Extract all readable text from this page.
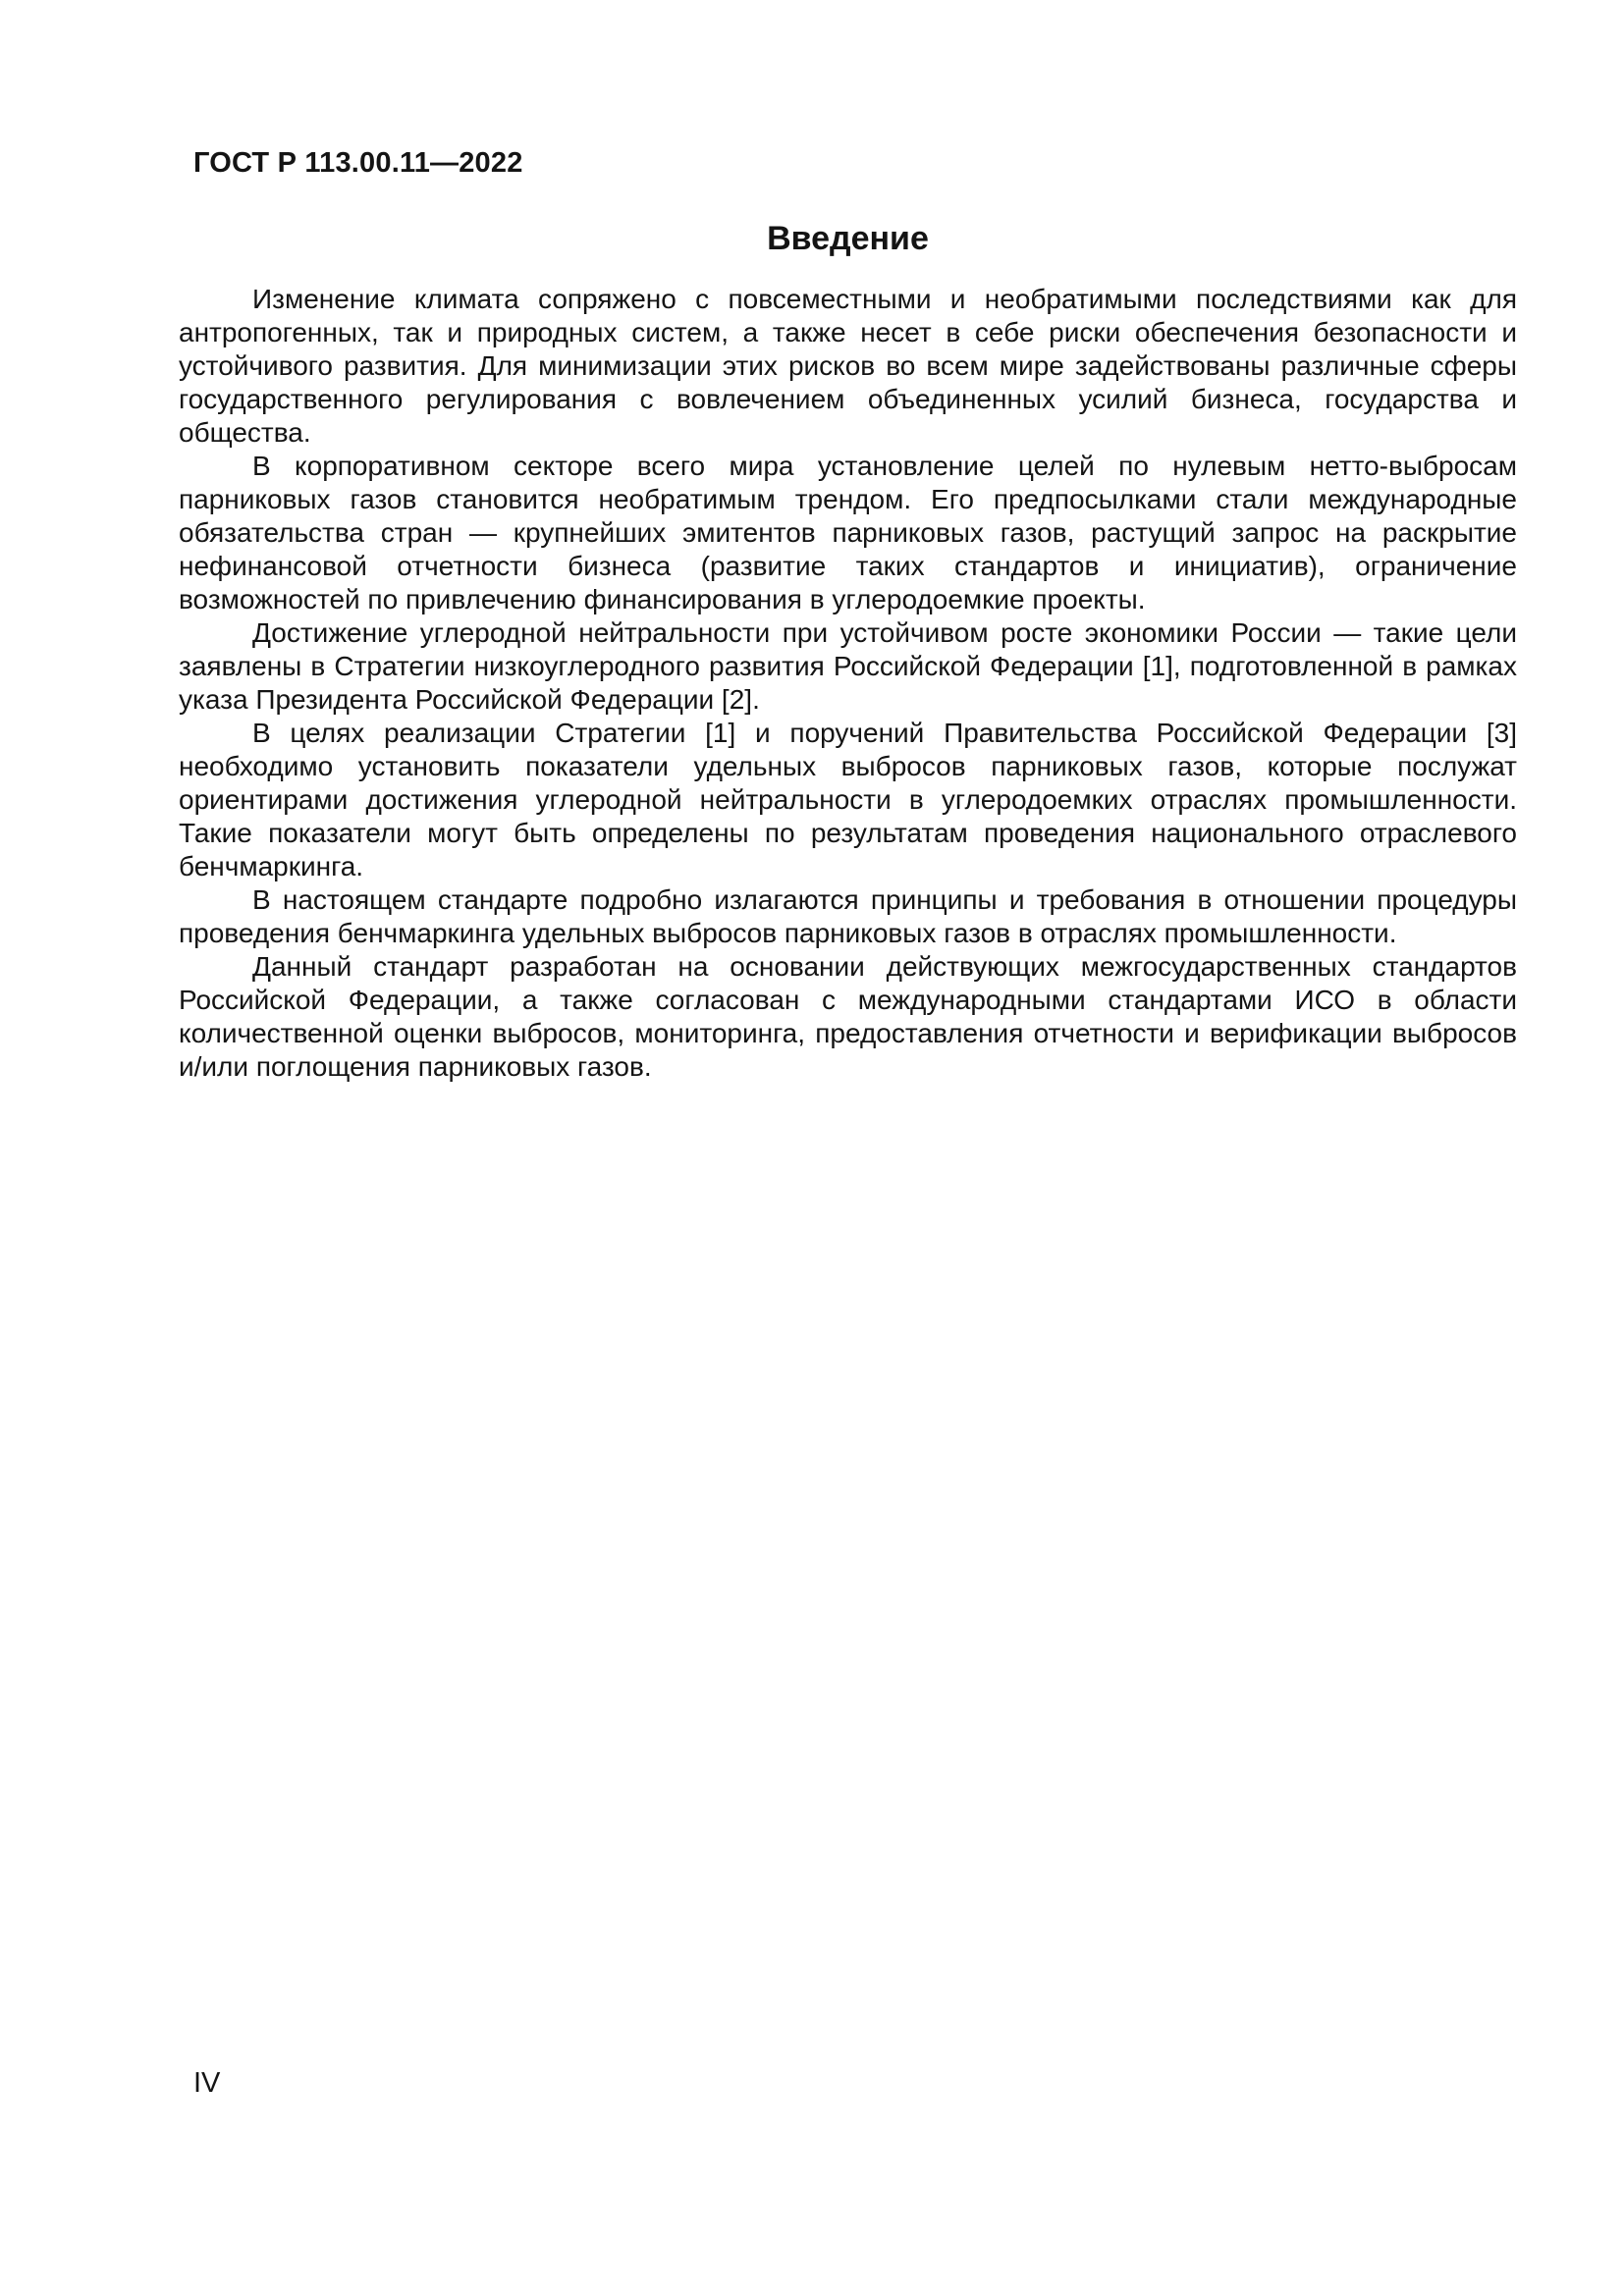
ГОСТ Р 113.00.11—2022
Введение

Изменение климата сопряжено с повсеместными и необратимыми последствиями как для антропогенных, так и природных систем, а также несет в себе риски обеспечения безопасности и устойчивого развития. Для минимизации этих рисков во всем мире задействованы различные сферы государственного регулирования с вовлечением объединенных усилий бизнеса, государства и общества.

В корпоративном секторе всего мира установление целей по нулевым нетто-выбросам парниковых газов становится необратимым трендом. Его предпосылками стали международные обязательства стран — крупнейших эмитентов парниковых газов, растущий запрос на раскрытие нефинансовой отчетности бизнеса (развитие таких стандартов и инициатив), ограничение возможностей по привлечению финансирования в углеродоемкие проекты.

Достижение углеродной нейтральности при устойчивом росте экономики России — такие цели заявлены в Стратегии низкоуглеродного развития Российской Федерации [1], подготовленной в рамках указа Президента Российской Федерации [2].

В целях реализации Стратегии [1] и поручений Правительства Российской Федерации [3] необходимо установить показатели удельных выбросов парниковых газов, которые послужат ориентирами достижения углеродной нейтральности в углеродоемких отраслях промышленности. Такие показатели могут быть определены по результатам проведения национального отраслевого бенчмаркинга.

В настоящем стандарте подробно излагаются принципы и требования в отношении процедуры проведения бенчмаркинга удельных выбросов парниковых газов в отраслях промышленности.

Данный стандарт разработан на основании действующих межгосударственных стандартов Российской Федерации, а также согласован с международными стандартами ИСО в области количественной оценки выбросов, мониторинга, предоставления отчетности и верификации выбросов и/или поглощения парниковых газов.

IV
